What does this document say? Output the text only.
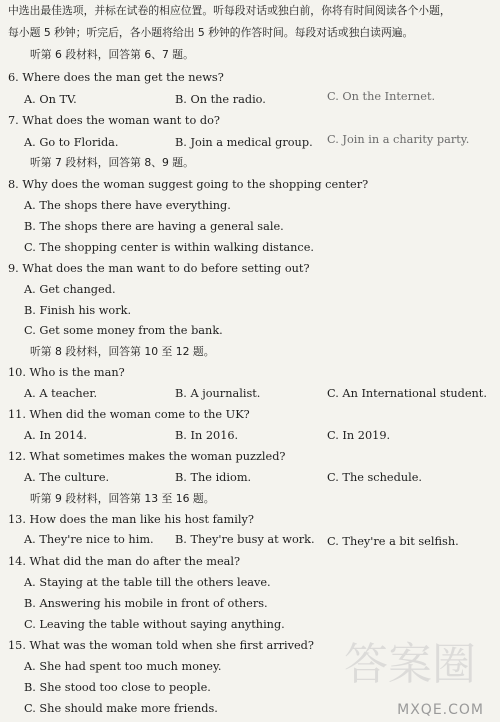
中选出最佳选项，并标在试卷的相应位置。听每段对话或独白前，你将有时间阅读各个小题，
每小题 5 秒钟；听完后，各小题将给出 5 秒钟的作答时间。每段对话或独白读两遍。
听第 6 段材料，回答第 6、7 题。
6. Where does the man get the news?
A. On TV.	B. On the radio.	C. On the Internet.
7. What does the woman want to do?
A. Go to Florida.	B. Join a medical group. C. Join in a charity party.
听第 7 段材料，回答第 8、9 题。
8. Why does the woman suggest going to the shopping center?
A. The shops there have everything.
B. The shops there are having a general sale.
C. The shopping center is within walking distance.
9. What does the man want to do before setting out?
A. Get changed.
B. Finish his work.
C. Get some money from the bank.
听第 8 段材料，回答第 10 至 12 题。
10. Who is the man?
A. A teacher.	B. A journalist.	C. An International student.
11. When did the woman come to the UK?
A. In 2014.	B. In 2016.	C. In 2019.
12. What sometimes makes the woman puzzled?
A. The culture.	B. The idiom.	C. The schedule.
听第 9 段材料，回答第 13 至 16 题。
13. How does the man like his host family?
A. They're nice to him. B. They're busy at work. C. They're a bit selfish.
14. What did the man do after the meal?
A. Staying at the table till the others leave.
B. Answering his mobile in front of others.
C. Leaving the table without saying anything.
15. What was the woman told when she first arrived?
A. She had spent too much money.
B. She stood too close to people.
C. She should make more friends.
答案圈
MXQE.COM
